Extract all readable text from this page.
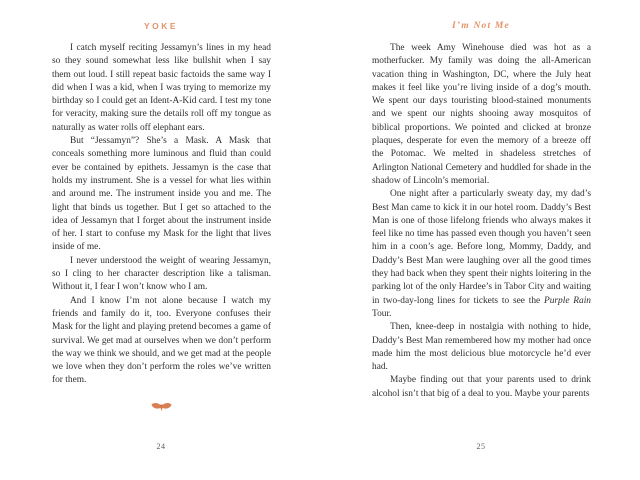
YOKE

I catch myself reciting Jessamyn’s lines in my head so they sound somewhat less like bullshit when I say them out loud. I still repeat basic factoids the same way I did when I was a kid, when I was trying to memorize my birthday so I could get an Ident-A-Kid card. I test my tone for veracity, making sure the details roll off my tongue as naturally as water rolls off elephant ears.

But “Jessamyn”? She’s a Mask. A Mask that conceals something more luminous and fluid than could ever be contained by epithets. Jessamyn is the case that holds my instrument. She is a vessel for what lies within and around me. The instrument inside you and me. The light that binds us together. But I get so attached to the idea of Jessamyn that I forget about the instrument inside of her. I start to confuse my Mask for the light that lives inside of me.

I never understood the weight of wearing Jessamyn, so I cling to her character description like a talisman. Without it, I fear I won’t know who I am.

And I know I’m not alone because I watch my friends and family do it, too. Everyone confuses their Mask for the light and playing pretend becomes a game of survival. We get mad at ourselves when we don’t perform the way we think we should, and we get mad at the people we love when they don’t perform the roles we’ve written for them.

24
I’m Not Me

The week Amy Winehouse died was hot as a motherfucker. My family was doing the all-American vacation thing in Washington, DC, where the July heat makes it feel like you’re living inside of a dog’s mouth. We spent our days touristing blood-stained monuments and we spent our nights shooing away mosquitos of biblical proportions. We pointed and clicked at bronze plaques, desperate for even the memory of a breeze off the Potomac. We melted in shadeless stretches of Arlington National Cemetery and huddled for shade in the shadow of Lincoln’s memorial.

One night after a particularly sweaty day, my dad’s Best Man came to kick it in our hotel room. Daddy’s Best Man is one of those lifelong friends who always makes it feel like no time has passed even though you haven’t seen him in a coon’s age. Before long, Mommy, Daddy, and Daddy’s Best Man were laughing over all the good times they had back when they spent their nights loitering in the parking lot of the only Hardee’s in Tabor City and waiting in two-day-long lines for tickets to see the Purple Rain Tour.

Then, knee-deep in nostalgia with nothing to hide, Daddy’s Best Man remembered how my mother had once made him the most delicious blue motorcycle he’d ever had.

Maybe finding out that your parents used to drink alcohol isn’t that big of a deal to you. Maybe your parents

25
